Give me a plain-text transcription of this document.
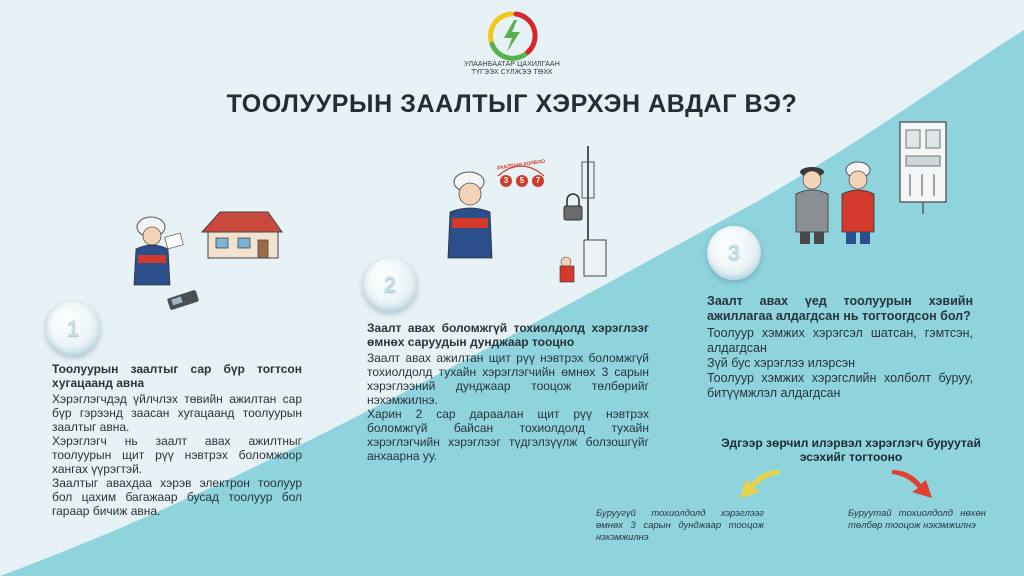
УЛААНБААТАР ЦАХИЛГААН
ТҮГЭЭХ СҮЛЖЭЭ ТӨХК
ТООЛУУРЫН ЗААЛТЫГ ХЭРХЭН АВДАГ ВЭ?
1
2
3
ЗААЛТЫН ХОЛБОО
3	5	7
Тоолуурын заалтыг сар бүр тогтсон хугацаанд авна

Хэрэглэгчдэд үйлчлэх төвийн ажилтан сар бүр гэрээнд заасан хугацаанд тоолуурын заалтыг авна.

Хэрэглэгч нь заалт авах ажилтныг тоолуурын щит рүү нэвтрэх боломжоор хангах үүрэгтэй.

Заалтыг авахдаа хэрэв электрон тоолуур бол цахим багажаар бусад тоолуур бол гараар бичиж авна.

Заалт авах боломжгүй тохиолдолд хэрэглээг өмнөх саруудын дунджаар тооцно

Заалт авах ажилтан щит рүү нэвтрэх боломжгүй тохиолдолд тухайн хэрэглэгчийн өмнөх 3 сарын хэрэглээний дунджаар тооцож төлбөрийг нэхэмжилнэ.

Харин 2 сар дараалан щит рүү нэвтрэх боломжгүй байсан тохиолдолд тухайн хэрэглэгчийн хэрэглээг түдгэлзүүлж болзошгүйг анхаарна уу.

Заалт авах үед тоолуурын хэвийн ажиллагаа алдагдсан нь тогтоогдсон бол?

Тоолуур хэмжих хэрэгсэл шатсан, гэмтсэн, алдагдсан

Зүй бус хэрэглээ илэрсэн

Тоолуур хэмжих хэрэгслийн холболт буруу, битүүмжлэл алдагдсан

Эдгээр зөрчил илэрвэл хэрэглэгч буруутай эсэхийг тогтооно
Буруугүй тохиолдолд хэрэглээг өмнөх 3 сарын дунджаар тооцож нэхэмжилнэ
Буруутай тохиолдолд нөхөн төлбөр тооцож нэхэмжилнэ
